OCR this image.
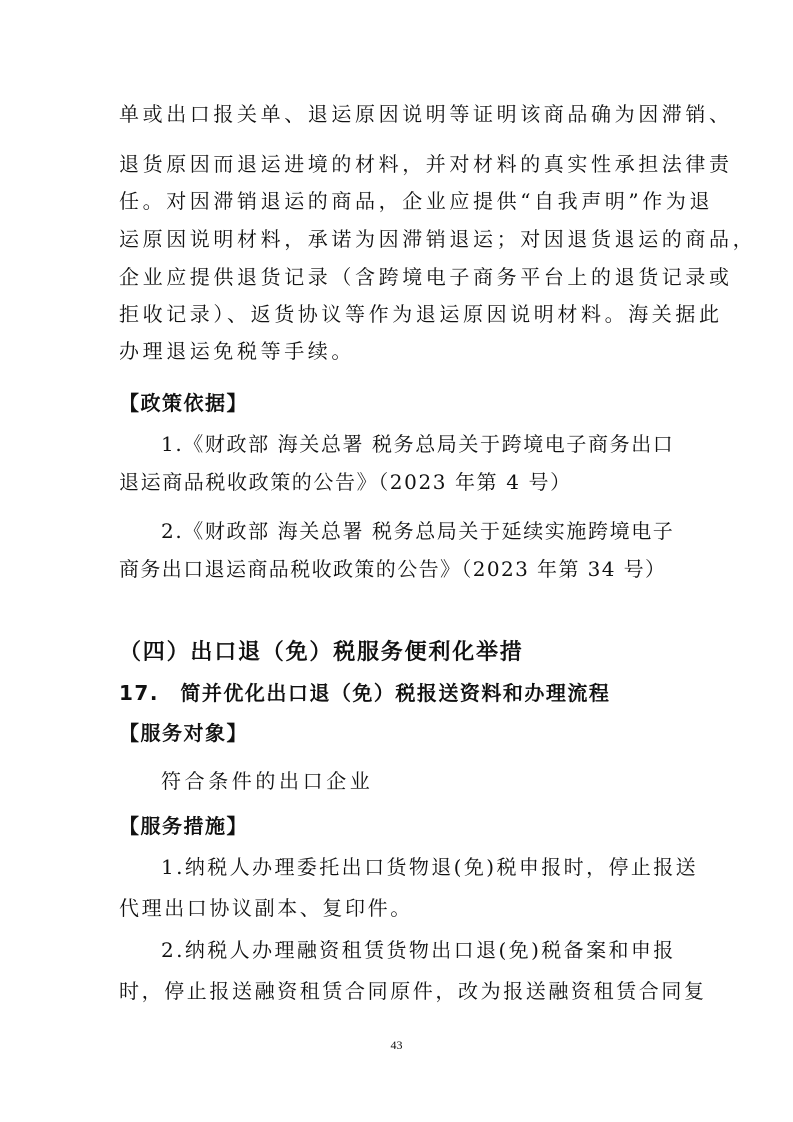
单或出口报关单、退运原因说明等证明该商品确为因滞销、
退货原因而退运进境的材料，并对材料的真实性承担法律责
任。对因滞销退运的商品，企业应提供“自我声明”作为退
运原因说明材料，承诺为因滞销退运；对因退货退运的商品，
企业应提供退货记录（含跨境电子商务平台上的退货记录或
拒收记录）、返货协议等作为退运原因说明材料。海关据此
办理退运免税等手续。
【政策依据】
1.《财政部 海关总署 税务总局关于跨境电子商务出口
退运商品税收政策的公告》（2023 年第 4 号）
2.《财政部 海关总署 税务总局关于延续实施跨境电子
商务出口退运商品税收政策的公告》（2023 年第 34 号）
（四）出口退（免）税服务便利化举措
17.　简并优化出口退（免）税报送资料和办理流程
【服务对象】
符合条件的出口企业
【服务措施】
1.纳税人办理委托出口货物退(免)税申报时，停止报送
代理出口协议副本、复印件。
2.纳税人办理融资租赁货物出口退(免)税备案和申报
时，停止报送融资租赁合同原件，改为报送融资租赁合同复
43
